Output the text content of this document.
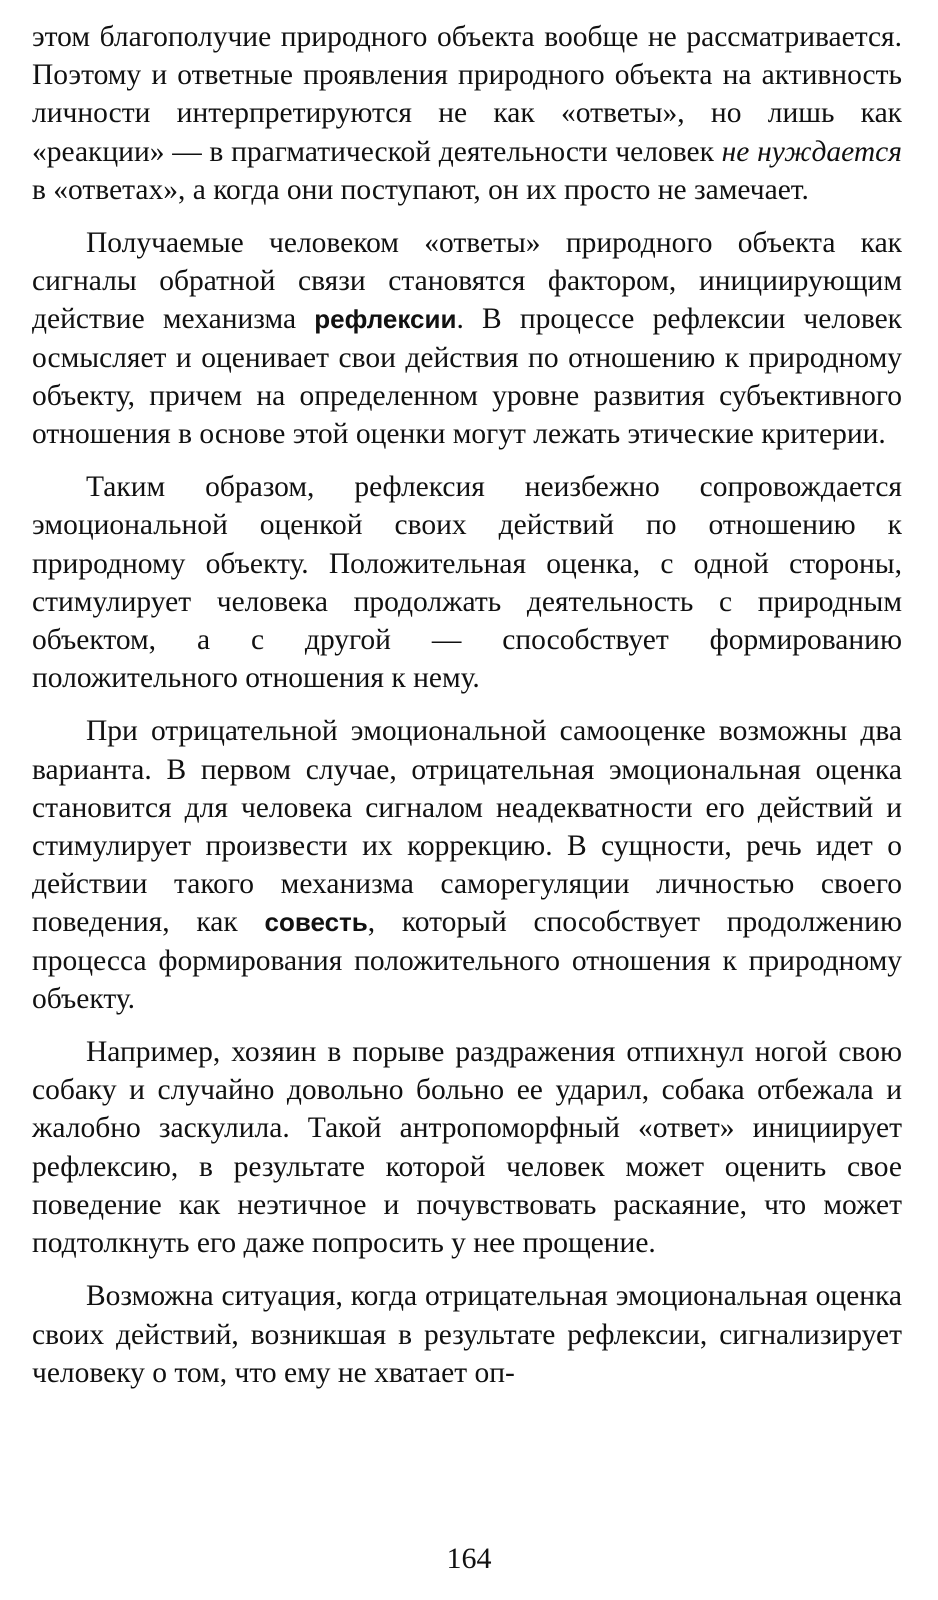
этом благополучие природного объекта вообще не рассматривается. Поэтому и ответные проявления природного объекта на активность личности интерпретируются не как «ответы», но лишь как «реакции» — в прагматической деятельности человек не нуждается в «ответах», а когда они поступают, он их просто не замечает.

Получаемые человеком «ответы» природного объекта как сигналы обратной связи становятся фактором, инициирующим действие механизма рефлексии. В процессе рефлексии человек осмысляет и оценивает свои действия по отношению к природному объекту, причем на определенном уровне развития субъективного отношения в основе этой оценки могут лежать этические критерии.

Таким образом, рефлексия неизбежно сопровождается эмоциональной оценкой своих действий по отношению к природному объекту. Положительная оценка, с одной стороны, стимулирует человека продолжать деятельность с природным объектом, а с другой — способствует формированию положительного отношения к нему.

При отрицательной эмоциональной самооценке возможны два варианта. В первом случае, отрицательная эмоциональная оценка становится для человека сигналом неадекватности его действий и стимулирует произвести их коррекцию. В сущности, речь идет о действии такого механизма саморегуляции личностью своего поведения, как совесть, который способствует продолжению процесса формирования положительного отношения к природному объекту.

Например, хозяин в порыве раздражения отпихнул ногой свою собаку и случайно довольно больно ее ударил, собака отбежала и жалобно заскулила. Такой антропоморфный «ответ» инициирует рефлексию, в результате которой человек может оценить свое поведение как неэтичное и почувствовать раскаяние, что может подтолкнуть его даже попросить у нее прощение.

Возможна ситуация, когда отрицательная эмоциональная оценка своих действий, возникшая в результате рефлексии, сигнализирует человеку о том, что ему не хватает оп-

164
